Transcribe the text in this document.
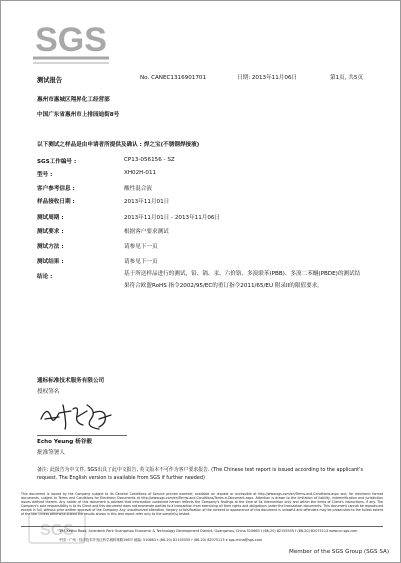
SGS
测试报告	No. CANEC1316901701	日期: 2013年11月06日	第1页, 共5页
惠州市惠城区翔昇化工经营部
中国广东省惠州市上排园迪街8号
以下测试之样品是由申请者所提供及确认 : 焊之宝(不锈钢焊接液)
SGS工作编号 :	CP13-056156 - SZ
型号 :	XH02H-011
客户参考信息 :	酸性混合液
样品接收日期 :	2013年11月01日
测试周期 :	2013年11月01日 - 2013年11月06日
测试要求 :	根据客户要求测试
测试方法 :	请参见下一页
测试结果 :	请参见下一页
结论 :	基于所送样品进行的测试，铅、镉、汞、六价铬、多溴联苯(PBB)、多溴二苯醚(PBDE)的测试结果符合欧盟RoHS 指令2002/95/EC的重订指令2011/65/EU 附录II的限值要求。
通标标准技术服务有限公司
授权签名
Echo Yeung 杨谷毅
批准签署人
备注: 此报告为中文件, SGS出具了此中文报告, 英文版本不可作为客户要求报告. (The Chinese test report is issued according to the applicant's request. The English version is available from SGS if further needed)
This document is issued by the Company subject to its General Conditions of Service printed overleaf, available on request or accessible at http://www.sgs.com/en/Terms-and-Conditions.aspx and, for electronic format documents, subject to Terms and Conditions for Electronic Documents at http://www.sgs.com/en/Terms-and-Conditions/Terms-e-Document.aspx. Attention is drawn to the limitation of liability, indemnification and jurisdiction issues defined therein. Any holder of this document is advised that information contained hereon reflects the Company's findings at the time of its intervention only and within the limits of Client's instructions, if any. The Company's sole responsibility is to its Client and this document does not exonerate parties to a transaction from exercising all their rights and obligations under the transaction documents. This document cannot be reproduced except in full, without prior written approval of the Company. Any unauthorized alteration, forgery or falsification of the content or appearance of this document is unlawful and offenders may be prosecuted to the fullest extent of the law. Unless otherwise stated the results shown in this test report refer only to the sample(s) tested.
SGS
198 Kezhu Road, Scientech Park Guangzhou Economic & Technology Development District, Guangzhou, China 510663 t (86-20) 82155555 f (86-20) 82075113 www.cn.sgs.com
中国 · 广州 · 经济技术开发区科学城科珠路198号 邮编: 510663 t (86-20) 82155555 f (86-20) 82075113 e sgs.china@sgs.com
Member of the SGS Group (SGS SA)
